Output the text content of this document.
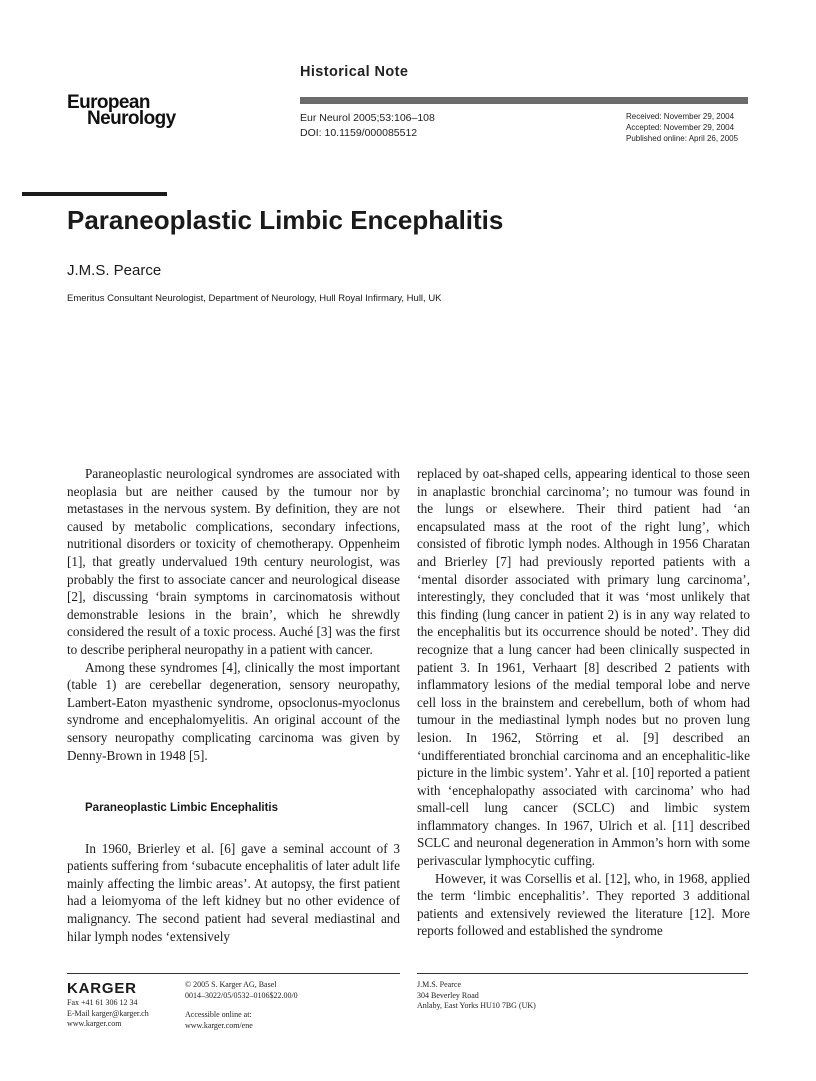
Historical Note
European
Neurology	Eur Neurol 2005;53:106–108
DOI: 10.1159/000085512
Received: November 29, 2004
Accepted: November 29, 2004
Published online: April 26, 2005
Paraneoplastic Limbic Encephalitis
J.M.S. Pearce
Emeritus Consultant Neurologist, Department of Neurology, Hull Royal Infirmary, Hull, UK

Paraneoplastic neurological syndromes are associated with neoplasia but are neither caused by the tumour nor by metastases in the nervous system. By definition, they are not caused by metabolic complications, secondary infections, nutritional disorders or toxicity of chemotherapy. Oppenheim [1], that greatly undervalued 19th century neurologist, was probably the first to associate cancer and neurological disease [2], discussing ‘brain symptoms in carcinomatosis without demonstrable lesions in the brain’, which he shrewdly considered the result of a toxic process. Auché [3] was the first to describe peripheral neuropathy in a patient with cancer.

Among these syndromes [4], clinically the most important (table 1) are cerebellar degeneration, sensory neuropathy, Lambert-Eaton myasthenic syndrome, opsoclonus-myoclonus syndrome and encephalomyelitis. An original account of the sensory neuropathy complicating carcinoma was given by Denny-Brown in 1948 [5].

Paraneoplastic Limbic Encephalitis

In 1960, Brierley et al. [6] gave a seminal account of 3 patients suffering from ‘subacute encephalitis of later adult life mainly affecting the limbic areas’. At autopsy, the first patient had a leiomyoma of the left kidney but no other evidence of malignancy. The second patient had several mediastinal and hilar lymph nodes ‘extensively

replaced by oat-shaped cells, appearing identical to those seen in anaplastic bronchial carcinoma’; no tumour was found in the lungs or elsewhere. Their third patient had ‘an encapsulated mass at the root of the right lung’, which consisted of fibrotic lymph nodes. Although in 1956 Charatan and Brierley [7] had previously reported patients with a ‘mental disorder associated with primary lung carcinoma’, interestingly, they concluded that it was ‘most unlikely that this finding (lung cancer in patient 2) is in any way related to the encephalitis but its occurrence should be noted’. They did recognize that a lung cancer had been clinically suspected in patient 3. In 1961, Verhaart [8] described 2 patients with inflammatory lesions of the medial temporal lobe and nerve cell loss in the brainstem and cerebellum, both of whom had tumour in the mediastinal lymph nodes but no proven lung lesion. In 1962, Störring et al. [9] described an ‘undifferentiated bronchial carcinoma and an encephalitic-like picture in the limbic system’. Yahr et al. [10] reported a patient with ‘encephalopathy associated with carcinoma’ who had small-cell lung cancer (SCLC) and limbic system inflammatory changes. In 1967, Ulrich et al. [11] described SCLC and neuronal degeneration in Ammon’s horn with some perivascular lymphocytic cuffing.

However, it was Corsellis et al. [12], who, in 1968, applied the term ‘limbic encephalitis’. They reported 3 additional patients and extensively reviewed the literature [12]. More reports followed and established the syndrome

KARGER
Fax +41 61 306 12 34
E-Mail karger@karger.ch
www.karger.com
© 2005 S. Karger AG, Basel
0014–3022/05/0532–0106$22.00/0
Accessible online at:
www.karger.com/ene
J.M.S. Pearce
304 Beverley Road
Anlaby, East Yorks HU10 7BG (UK)
